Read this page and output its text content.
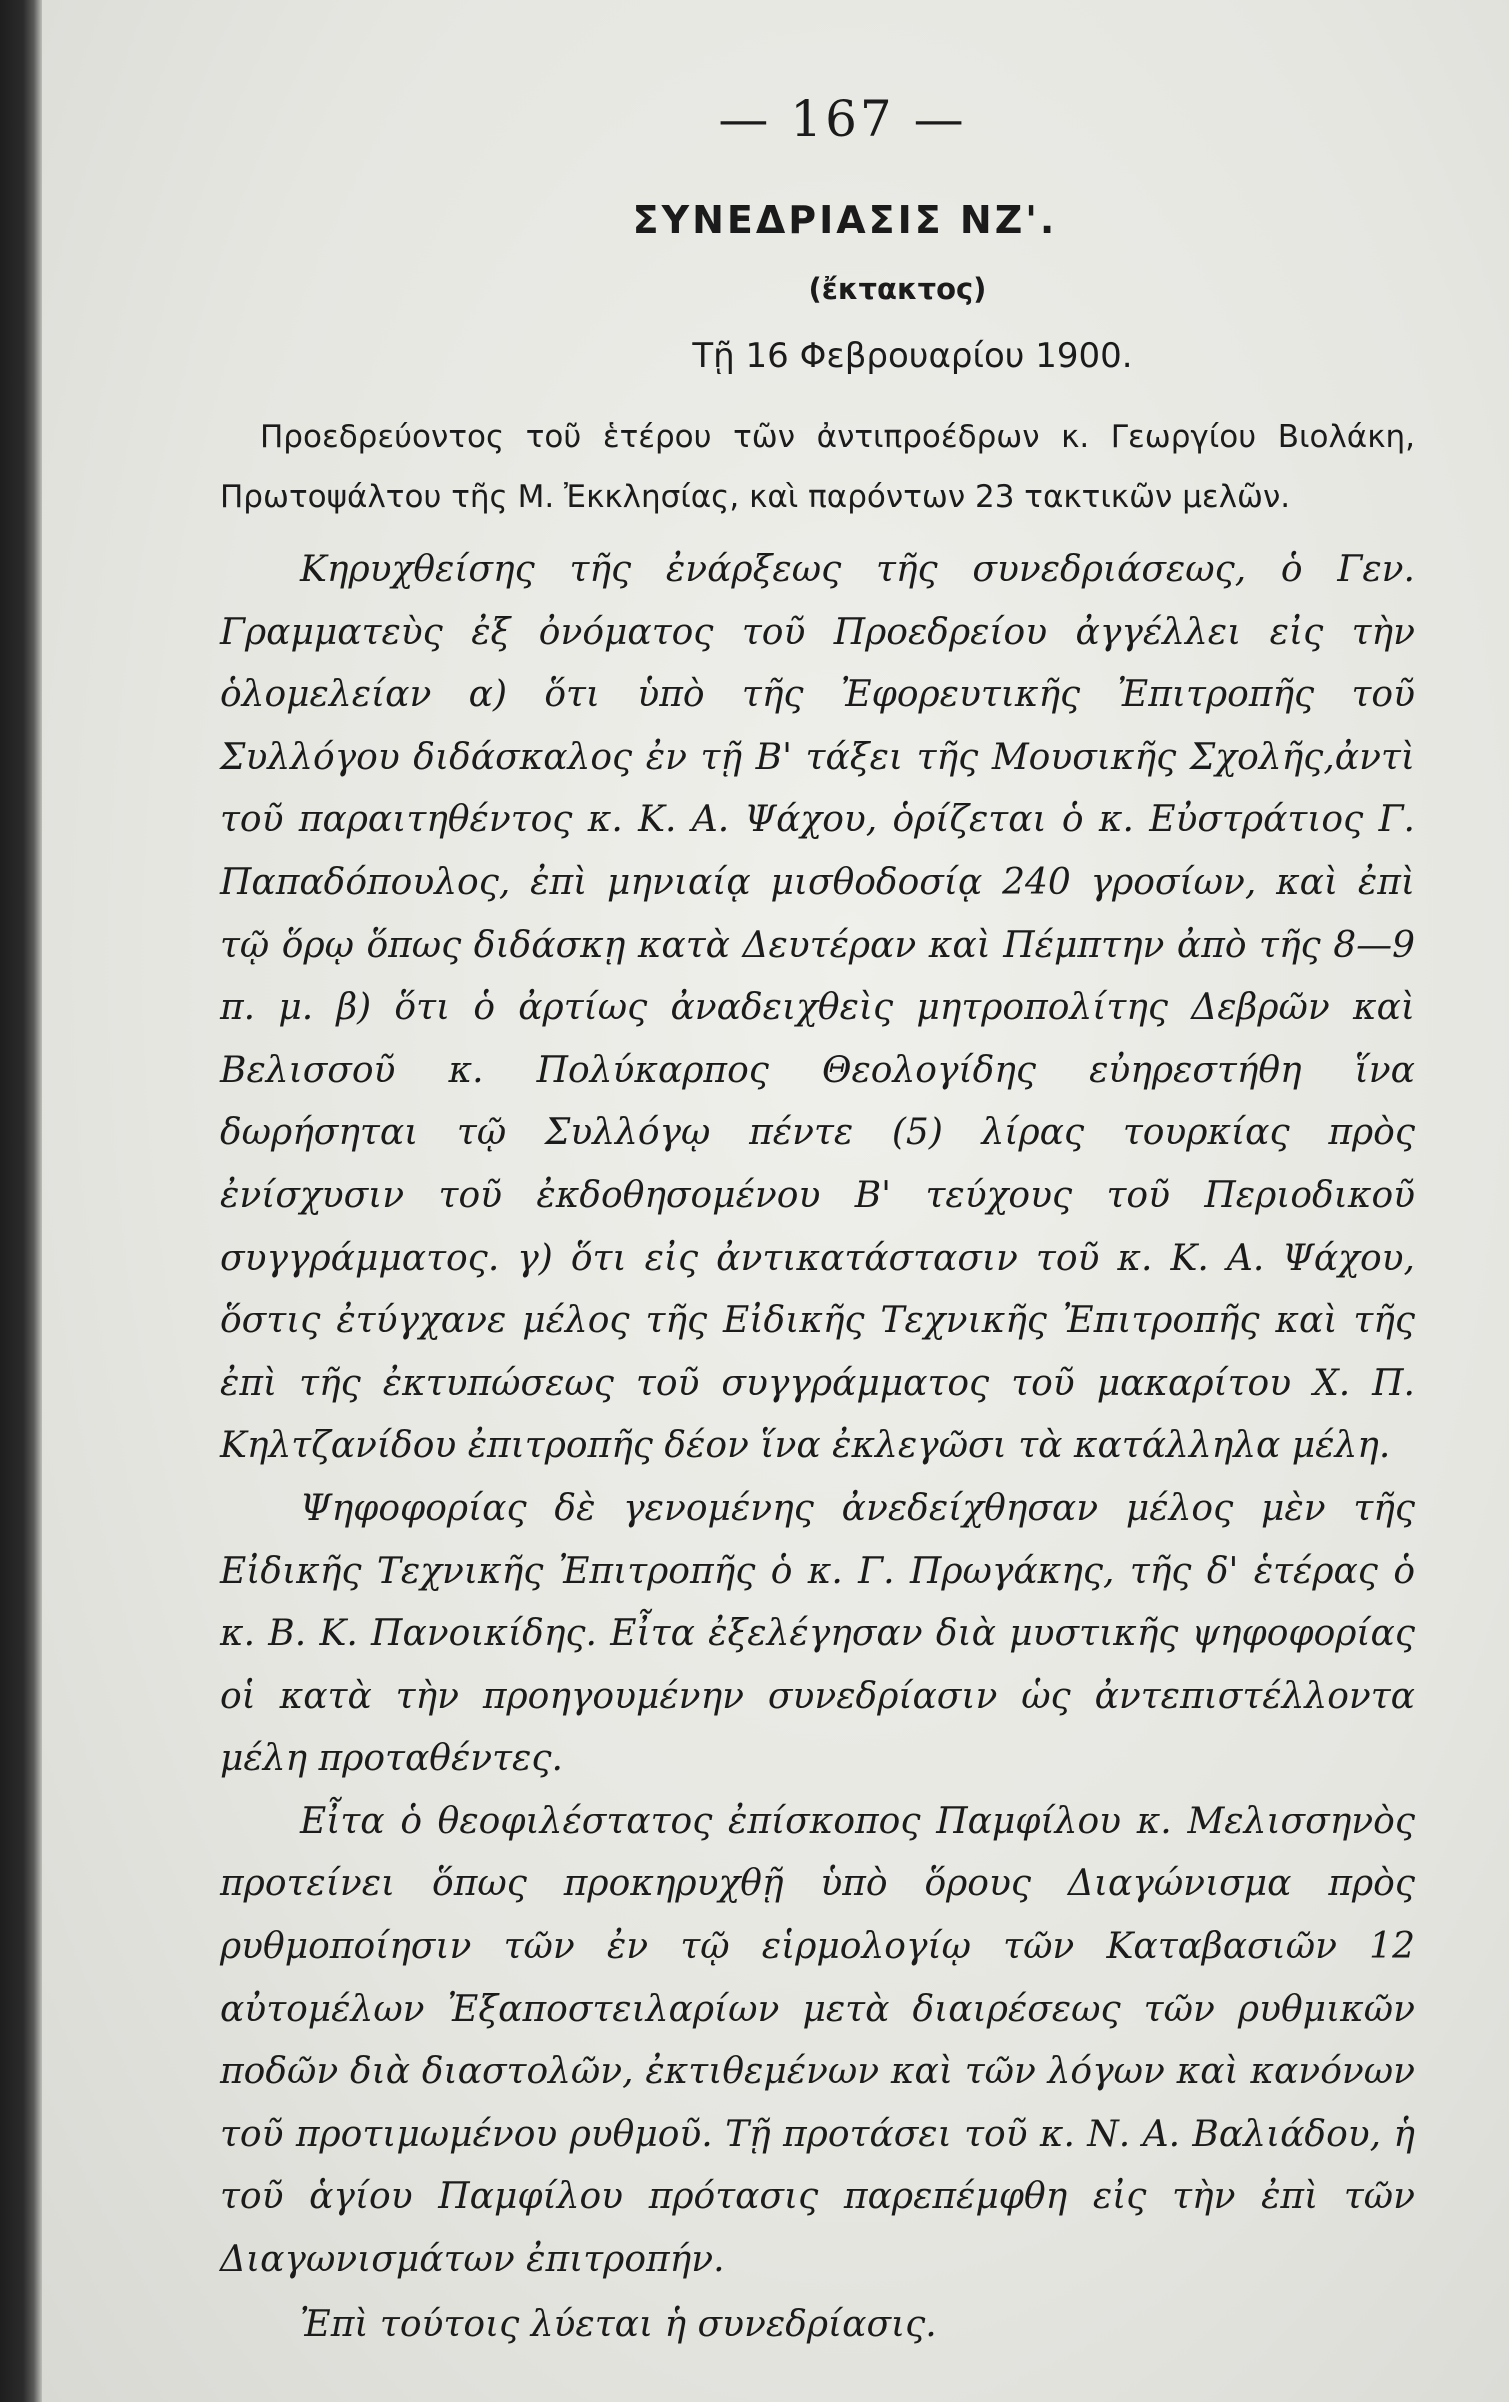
— 167 —
ΣΥΝΕΔΡΙΑΣΙΣ ΝΖ'.
(ἔκτακτος)
Τῇ 16 Φεβρουαρίου 1900.

Προεδρεύοντος τοῦ ἑτέρου τῶν ἀντιπροέδρων κ. Γεωργίου Βιολάκη, Πρωτοψάλτου τῆς Μ. Ἐκκλησίας, καὶ παρόντων 23 τακτικῶν μελῶν.

Κηρυχθείσης τῆς ἐνάρξεως τῆς συνεδριάσεως, ὁ Γεν. Γραμματεὺς ἐξ ὀνόματος τοῦ Προεδρείου ἀγγέλλει εἰς τὴν ὁλομελείαν α) ὅτι ὑπὸ τῆς Ἐφορευτικῆς Ἐπιτροπῆς τοῦ Συλλόγου διδάσκαλος ἐν τῇ Β' τάξει τῆς Μουσικῆς Σχολῆς,ἀντὶ τοῦ παραιτηθέντος κ. Κ. Α. Ψάχου, ὁρίζεται ὁ κ. Εὐστράτιος Γ. Παπαδόπουλος, ἐπὶ μηνιαίᾳ μισθοδοσίᾳ 240 γροσίων, καὶ ἐπὶ τῷ ὅρῳ ὅπως διδάσκῃ κατὰ Δευτέραν καὶ Πέμπτην ἀπὸ τῆς 8—9 π. μ. β) ὅτι ὁ ἀρτίως ἀναδειχθεὶς μητροπολίτης Δεβρῶν καὶ Βελισσοῦ κ. Πολύκαρπος Θεολογίδης εὐηρεστήθη ἵνα δωρήσηται τῷ Συλλόγῳ πέντε (5) λίρας τουρκίας πρὸς ἐνίσχυσιν τοῦ ἐκδοθησομένου Β' τεύχους τοῦ Περιοδικοῦ συγγράμματος. γ) ὅτι εἰς ἀντικατάστασιν τοῦ κ. Κ. Α. Ψάχου, ὅστις ἐτύγχανε μέλος τῆς Εἰδικῆς Τεχνικῆς Ἐπιτροπῆς καὶ τῆς ἐπὶ τῆς ἐκτυπώσεως τοῦ συγγράμματος τοῦ μακαρίτου Χ. Π. Κηλτζανίδου ἐπιτροπῆς δέον ἵνα ἐκλεγῶσι τὰ κατάλληλα μέλη.

Ψηφοφορίας δὲ γενομένης ἀνεδείχθησαν μέλος μὲν τῆς Εἰδικῆς Τεχνικῆς Ἐπιτροπῆς ὁ κ. Γ. Πρωγάκης, τῆς δ' ἑτέρας ὁ κ. Β. Κ. Πανοικίδης. Εἶτα ἐξελέγησαν διὰ μυστικῆς ψηφοφορίας οἱ κατὰ τὴν προηγουμένην συνεδρίασιν ὡς ἀντεπιστέλλοντα μέλη προταθέντες.

Εἶτα ὁ θεοφιλέστατος ἐπίσκοπος Παμφίλου κ. Μελισσηνὸς προτείνει ὅπως προκηρυχθῇ ὑπὸ ὅρους Διαγώνισμα πρὸς ρυθμοποίησιν τῶν ἐν τῷ εἱρμολογίῳ τῶν Καταβασιῶν 12 αὐτομέλων Ἐξαποστειλαρίων μετὰ διαιρέσεως τῶν ρυθμικῶν ποδῶν διὰ διαστολῶν, ἐκτιθεμένων καὶ τῶν λόγων καὶ κανόνων τοῦ προτιμωμένου ρυθμοῦ. Τῇ προτάσει τοῦ κ. Ν. Α. Βαλιάδου, ἡ τοῦ ἁγίου Παμφίλου πρότασις παρεπέμφθη εἰς τὴν ἐπὶ τῶν Διαγωνισμάτων ἐπιτροπήν.

Ἐπὶ τούτοις λύεται ἡ συνεδρίασις.
